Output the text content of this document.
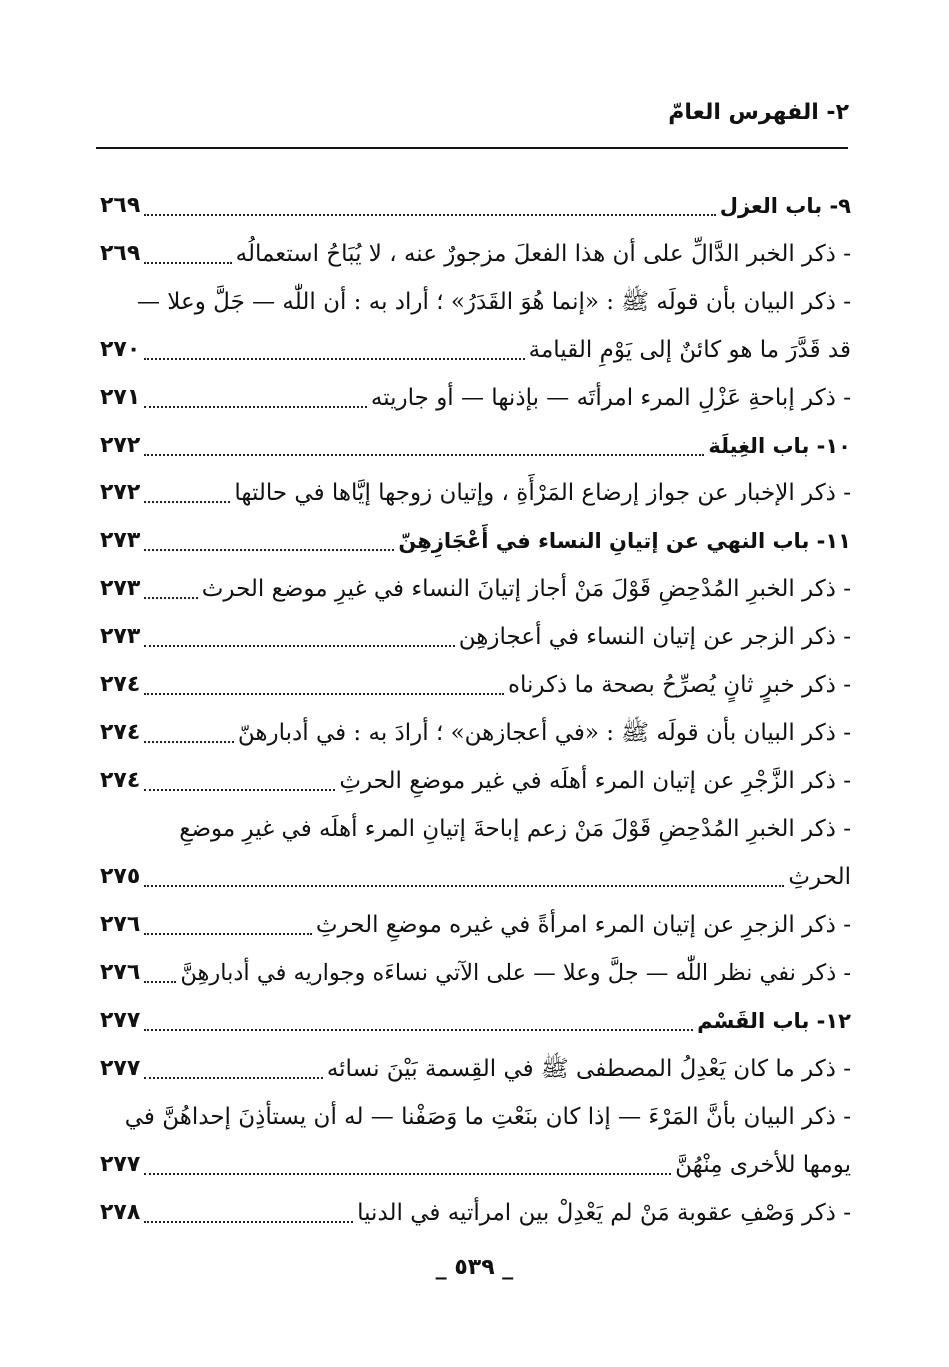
٢- الفهرس العامّ
٩- باب العزل
٢٦٩
- ذكر الخبر الدَّالِّ على أن هذا الفعلَ مزجورٌ عنه ، لا يُبَاحُ استعمالُه
٢٦٩
- ذكر البيان بأن قولَه ﷺ : «إنما هُوَ القَدَرُ» ؛ أراد به : أن اللّٰه — جَلَّ وعلا —
قد قَدَّرَ ما هو كائنٌ إلى يَوْمِ القيامة
٢٧٠
- ذكر إباحةِ عَزْلِ المرء امرأتَه — بإذنها — أو جاريته
٢٧١
١٠- باب الغِيلَة
٢٧٢
- ذكر الإخبار عن جواز إرضاع المَرْأَةِ ، وإتيان زوجها إيَّاها في حالتها
٢٧٢
١١- باب النهي عن إتيانِ النساء في أَعْجَازِهِنّ
٢٧٣
- ذكر الخبرِ المُدْحِضِ قَوْلَ مَنْ أجاز إتيانَ النساء في غيرِ موضع الحرث
٢٧٣
- ذكر الزجر عن إتيان النساء في أعجازهِن
٢٧٣
- ذكر خبرٍ ثانٍ يُصرِّحُ بصحة ما ذكرناه
٢٧٤
- ذكر البيان بأن قولَه ﷺ : «في أعجازهن» ؛ أرادَ به : في أدبارهنّ
٢٧٤
- ذكر الزَّجْرِ عن إتيان المرء أهلَه في غير موضعِ الحرثِ
٢٧٤
- ذكر الخبرِ المُدْحِضِ قَوْلَ مَنْ زعم إباحةَ إتيانِ المرء أهلَه في غيرِ موضعِ
الحرثِ
٢٧٥
- ذكر الزجرِ عن إتيان المرء امرأةً في غيره موضعِ الحرثِ
٢٧٦
- ذكر نفي نظر اللّٰه — جلَّ وعلا — على الآتي نساءَه وجواريه في أدبارهِنَّ
٢٧٦
١٢- باب القَسْم
٢٧٧
- ذكر ما كان يَعْدِلُ المصطفى ﷺ في القِسمة بَيْنَ نسائه
٢٧٧
- ذكر البيان بأنَّ المَرْءَ — إذا كان بنَعْتِ ما وَصَفْنا — له أن يستأذِنَ إحداهُنَّ في
يومها للأخرى مِنْهُنَّ
٢٧٧
- ذكر وَصْفِ عقوبة مَنْ لم يَعْدِلْ بين امرأتيه في الدنيا
٢٧٨
_ ٥٣٩ _
